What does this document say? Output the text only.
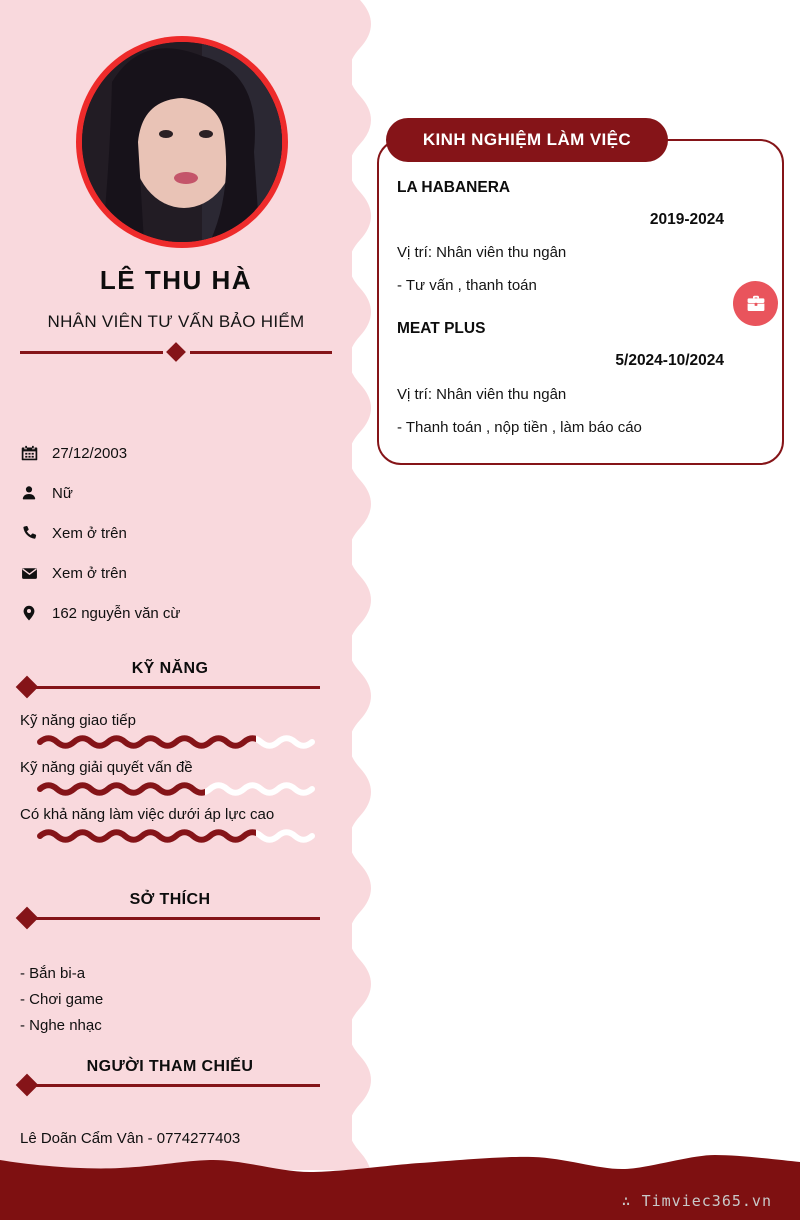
LÊ THU HÀ
NHÂN VIÊN TƯ VẤN BẢO HIỂM
27/12/2003
Nữ
Xem ở trên
Xem ở trên
162 nguyễn văn cừ
KỸ NĂNG
Kỹ năng giao tiếp
Kỹ năng giải quyết vấn đề
Có khả năng làm việc dưới áp lực cao
SỞ THÍCH
- Bắn bi-a
- Chơi game
- Nghe nhạc
NGƯỜI THAM CHIẾU
Lê Doãn Cẩm Vân - 0774277403
KINH NGHIỆM LÀM VIỆC
LA HABANERA
2019-2024
Vị trí: Nhân viên thu ngân
- Tư vấn , thanh toán
MEAT PLUS
5/2024-10/2024
Vị trí: Nhân viên thu ngân
- Thanh toán , nộp tiền , làm báo cáo
∴ Timviec365.vn
